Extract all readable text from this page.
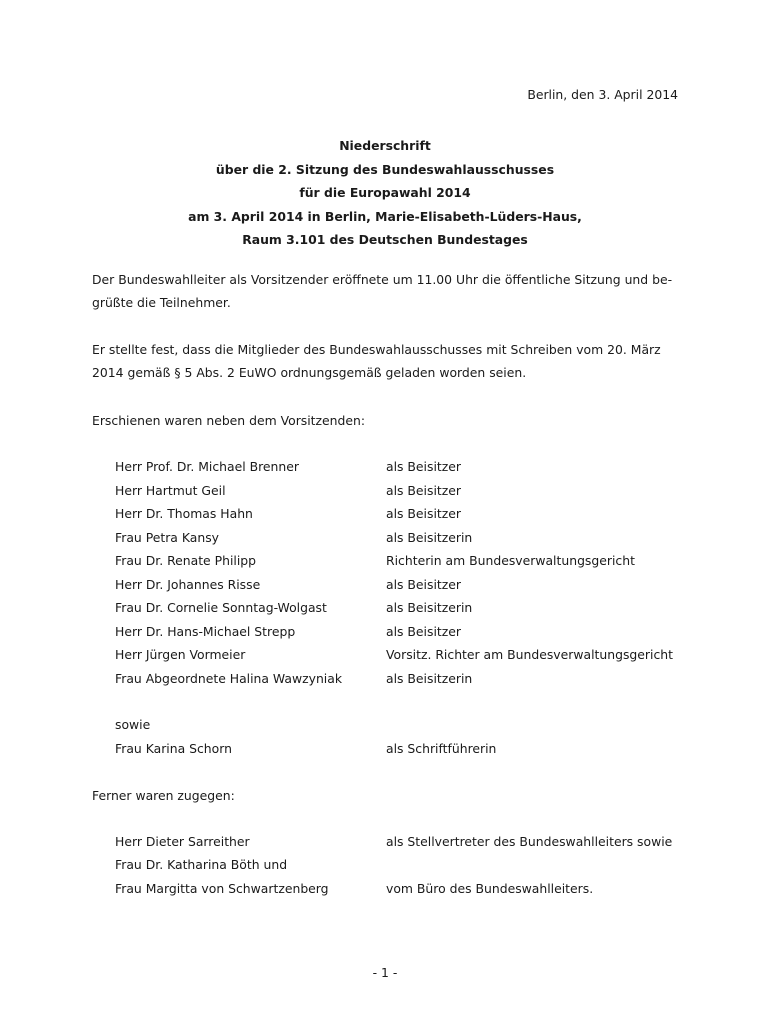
Berlin, den 3. April 2014
Niederschrift
über die 2. Sitzung des Bundeswahlausschusses
für die Europawahl 2014
am 3. April 2014 in Berlin, Marie-Elisabeth-Lüders-Haus,
Raum 3.101 des Deutschen Bundestages
Der Bundeswahlleiter als Vorsitzender eröffnete um 11.00 Uhr die öffentliche Sitzung und be-
grüßte die Teilnehmer.
Er stellte fest, dass die Mitglieder des Bundeswahlausschusses mit Schreiben vom 20. März
2014 gemäß § 5 Abs. 2 EuWO ordnungsgemäß geladen worden seien.
Erschienen waren neben dem Vorsitzenden:
Herr Prof. Dr. Michael Brenner	als Beisitzer
Herr Hartmut Geil	als Beisitzer
Herr Dr. Thomas Hahn	als Beisitzer
Frau Petra Kansy	als Beisitzerin
Frau Dr. Renate Philipp	Richterin am Bundesverwaltungsgericht
Herr Dr. Johannes Risse	als Beisitzer
Frau Dr. Cornelie Sonntag-Wolgast	als Beisitzerin
Herr Dr. Hans-Michael Strepp	als Beisitzer
Herr Jürgen Vormeier	Vorsitz. Richter am Bundesverwaltungsgericht
Frau Abgeordnete Halina Wawzyniak	als Beisitzerin
sowie
Frau Karina Schorn	als Schriftführerin
Ferner waren zugegen:
Herr Dieter Sarreither	als Stellvertreter des Bundeswahlleiters sowie
Frau Dr. Katharina Böth und
Frau Margitta von Schwartzenberg	vom Büro des Bundeswahlleiters.
- 1 -
